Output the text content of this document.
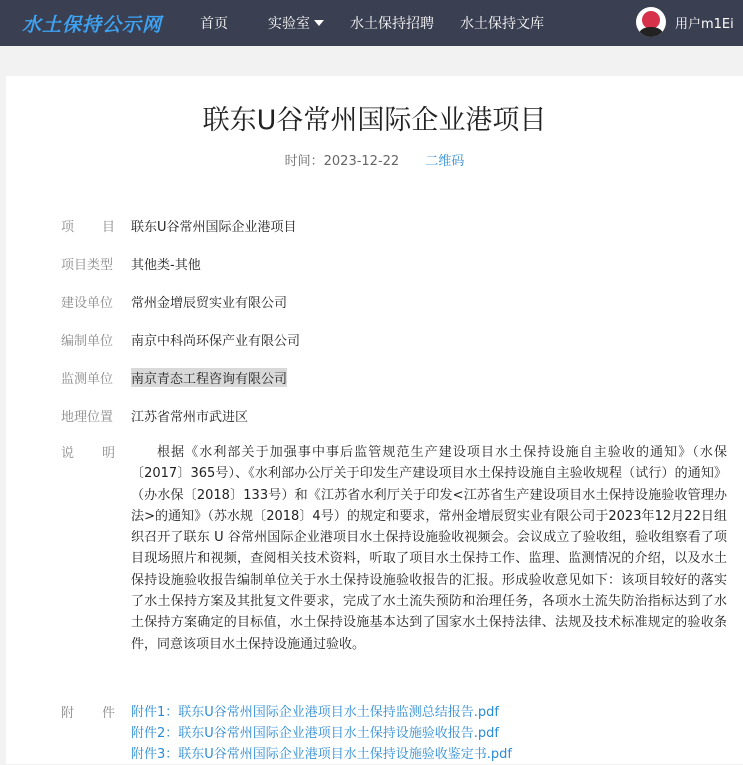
水土保持公示网	首页	实验室	水土保持招聘 水土保持文库	用户m1Ei
联东U谷常州国际企业港项目
时间：2023-12-22 二维码
项 目 联东U谷常州国际企业港项目
项目类型	其他类-其他
建设单位	常州金增辰贸实业有限公司
编制单位	南京中科尚环保产业有限公司
监测单位	南京青态工程咨询有限公司
地理位置	江苏省常州市武进区
说 明	根据《水利部关于加强事中事后监管规范生产建设项目水土保持设施自主验收的通知》（水保〔2017〕365号）、《水利部办公厅关于印发生产建设项目水土保持设施自主验收规程（试行）的通知》（办水保〔2018〕133号）和《江苏省水利厅关于印发<江苏省生产建设项目水土保持设施验收管理办法>的通知》（苏水规〔2018〕4号）的规定和要求，常州金增辰贸实业有限公司于2023年12月22日组织召开了联东 U 谷常州国际企业港项目水土保持设施验收视频会。会议成立了验收组，验收组察看了项目现场照片和视频，查阅相关技术资料，听取了项目水土保持工作、监理、监测情况的介绍，以及水土保持设施验收报告编制单位关于水土保持设施验收报告的汇报。形成验收意见如下：该项目较好的落实了水土保持方案及其批复文件要求，完成了水土流失预防和治理任务，各项水土流失防治指标达到了水土保持方案确定的目标值，水土保持设施基本达到了国家水土保持法律、法规及技术标准规定的验收条件，同意该项目水土保持设施通过验收。
附 件 附件1：联东U谷常州国际企业港项目水土保持监测总结报告.pdf
附件2：联东U谷常州国际企业港项目水土保持设施验收报告.pdf
附件3：联东U谷常州国际企业港项目水土保持设施验收鉴定书.pdf
